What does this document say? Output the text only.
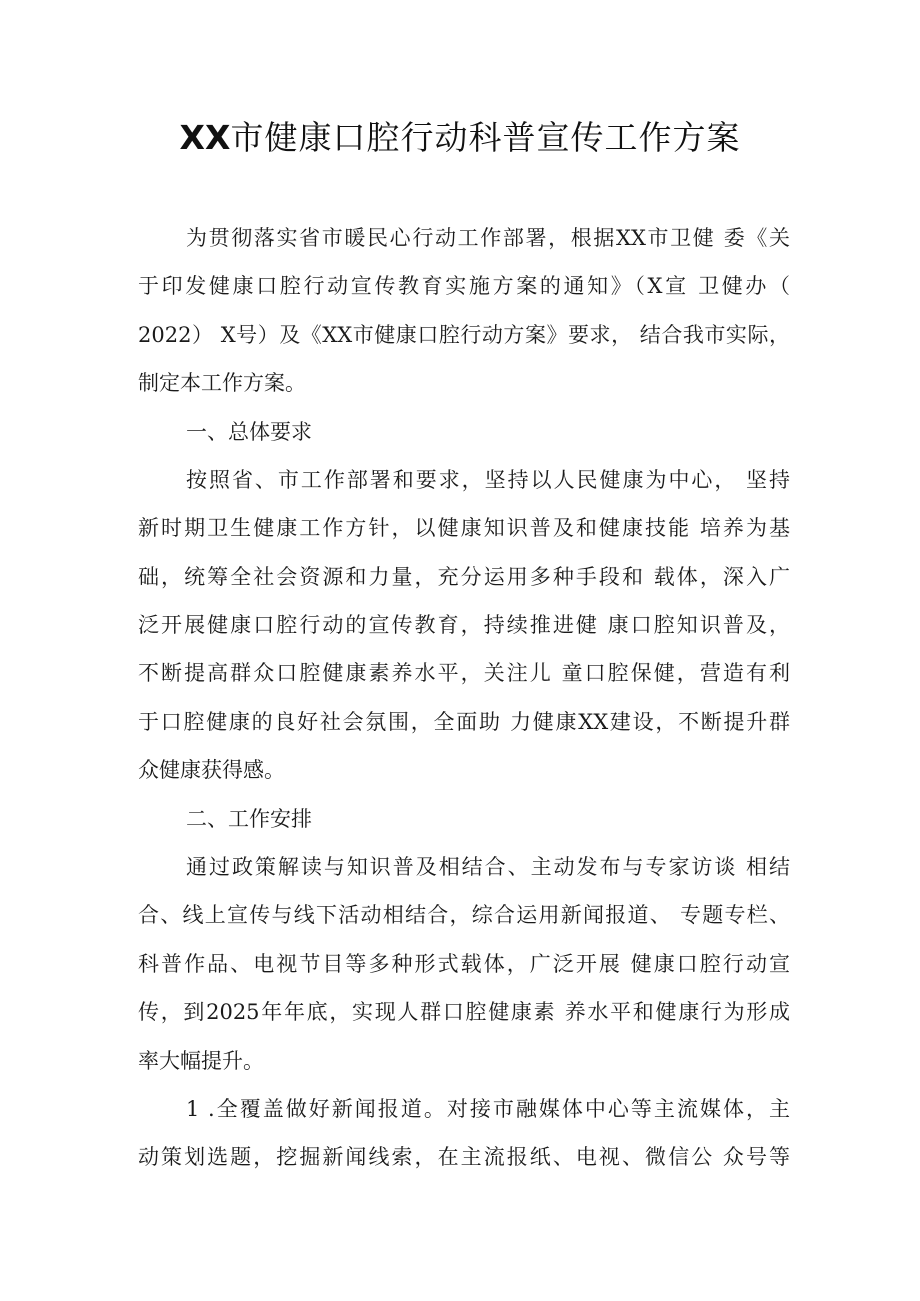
XX市健康口腔行动科普宣传工作方案
为贯彻落实省市暖民心行动工作部署，根据XX市卫健 委《关
于印发健康口腔行动宣传教育实施方案的通知》（X宣 卫健办（
2022） X号）及《XX市健康口腔行动方案》要求， 结合我市实际，
制定本工作方案。
一、总体要求
按照省、市工作部署和要求，坚持以人民健康为中心， 坚持
新时期卫生健康工作方针，以健康知识普及和健康技能 培养为基
础，统筹全社会资源和力量，充分运用多种手段和 载体，深入广
泛开展健康口腔行动的宣传教育，持续推进健 康口腔知识普及，
不断提高群众口腔健康素养水平，关注儿 童口腔保健，营造有利
于口腔健康的良好社会氛围，全面助 力健康XX建设，不断提升群
众健康获得感。
二、工作安排
通过政策解读与知识普及相结合、主动发布与专家访谈 相结
合、线上宣传与线下活动相结合，综合运用新闻报道、 专题专栏、
科普作品、电视节目等多种形式载体，广泛开展 健康口腔行动宣
传，到2025年年底，实现人群口腔健康素 养水平和健康行为形成
率大幅提升。
1 .全覆盖做好新闻报道。对接市融媒体中心等主流媒体，主
动策划选题，挖掘新闻线索，在主流报纸、电视、微信公 众号等
